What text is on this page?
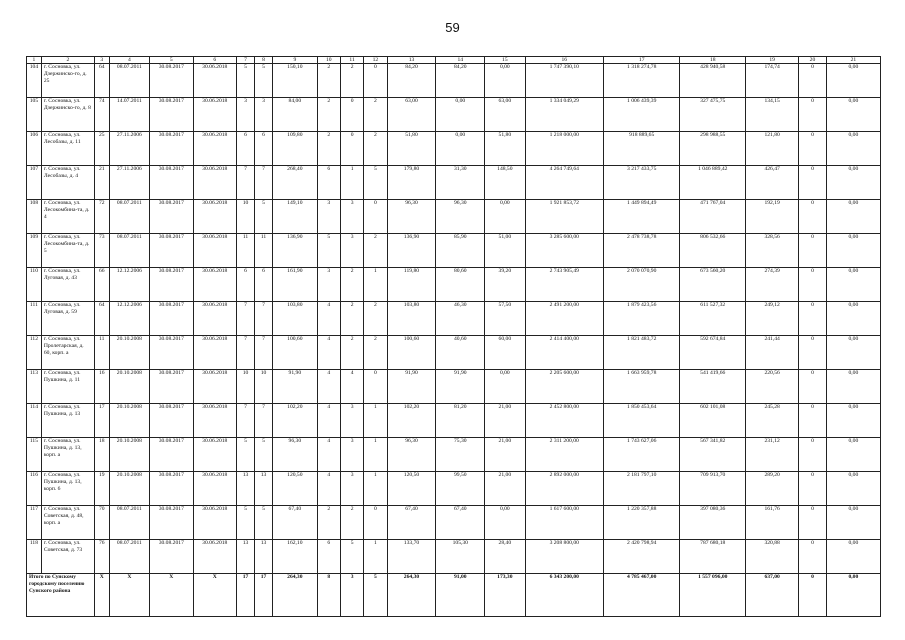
59
1	2	3	4	5	6	7	8	9	10	11	12	13	14	15	16	17	18	19	20	21
104	г. Сосновка, ул. Дзержинско-го, д. 25	64	08.07.2011	30.08.2017	30.06.2018	5	5	150,10	2	2	0	84,20	84,20	0,00	1 747 390,10	1 318 274,78	428 940,58	174,74	0	0,00
105	г. Сосновка, ул. Дзержинско-го, д. 8	74	14.07.2011	30.08.2017	30.06.2018	3	3	84,00	2	0	2	63,00	0,00	63,00	1 334 049,29	1 006 439,39	327 475,75	134,15	0	0,00
106	г. Сосновка, ул. Лесобазы, д. 11	25	27.11.2006	30.08.2017	30.06.2018	6	6	109,80	2	0	2	51,80	0,00	51,80	1 218 000,00	918 889,65	298 988,55	121,80	0	0,00
107	г. Сосновка, ул. Лесобазы, д. 4	21	27.11.2006	30.08.2017	30.06.2018	7	7	268,40	6	1	5	179,80	31,30	148,50	4 264 749,64	3 217 433,75	1 046 889,42	426,47	0	0,00
108	г. Сосновка, ул. Лесокомбина-та, д. 4	72	08.07.2011	30.08.2017	30.06.2018	10	5	149,10	3	3	0	96,30	96,30	0,00	1 921 853,72	1 449 894,49	471 767,04	192,19	0	0,00
109	г. Сосновка, ул. Лесокомбина-та, д. 5	73	08.07.2011	30.08.2017	30.06.2018	11	11	136,90	5	3	2	136,90	85,90	51,00	3 285 600,00	2 478 738,78	806 532,66	328,56	0	0,00
110	г. Сосновка, ул. Луговая, д. 43	66	12.12.2006	30.08.2017	30.06.2018	6	6	161,90	3	2	1	119,80	80,60	39,20	2 743 905,49	2 070 070,90	673 560,20	274,39	0	0,00
111	г. Сосновка, ул. Луговая, д. 59	64	12.12.2006	30.08.2017	30.06.2018	7	7	103,80	4	2	2	103,80	46,30	57,50	2 491 200,00	1 879 423,56	611 527,32	249,12	0	0,00
112	г. Сосновка, ул. Пролетарская, д. 60, корп. а	11	20.10.2008	30.08.2017	30.06.2018	7	7	100,60	4	2	2	100,60	40,60	60,00	2 414 400,00	1 821 483,72	592 674,84	241,44	0	0,00
113	г. Сосновка, ул. Пушкина, д. 11	16	20.10.2008	30.08.2017	30.06.2018	10	10	91,90	4	4	0	91,90	91,90	0,00	2 205 600,00	1 663 959,78	541 419,66	220,56	0	0,00
114	г. Сосновка, ул. Пушкина, д. 13	17	20.10.2008	30.08.2017	30.06.2018	7	7	102,20	4	3	1	102,20	81,20	21,00	2 452 800,00	1 850 453,64	602 101,08	245,28	0	0,00
115	г. Сосновка, ул. Пушкина, д. 13, корп. а	18	20.10.2008	30.08.2017	30.06.2018	5	5	96,30	4	3	1	96,30	75,30	21,00	2 311 200,00	1 743 627,06	567 341,82	231,12	0	0,00
116	г. Сосновка, ул. Пушкина, д. 13, корп. 6	19	20.10.2008	30.08.2017	30.06.2018	13	13	120,50	4	3	1	120,50	99,50	21,00	2 892 000,00	2 181 797,10	709 913,70	289,20	0	0,00
117	г. Сосновка, ул. Советская, д. 48, корп. а	70	08.07.2011	30.08.2017	30.06.2018	5	5	67,40	2	2	0	67,40	67,40	0,00	1 617 600,00	1 220 357,88	397 080,36	161,76	0	0,00
118	г. Сосновка, ул. Советская, д. 73	76	08.07.2011	30.08.2017	30.06.2018	13	13	162,10	6	5	1	133,70	105,30	28,40	3 208 800,00	2 420 798,94	787 680,18	320,88	0	0,00
Итого по Сунскому городскому поселению Сунского района		X	X	X	X	17	17	264,30	8	3	5	264,30	91,00	173,30	6 343 200,00	4 785 467,00	1 557 096,00	637,00	0	0,00
